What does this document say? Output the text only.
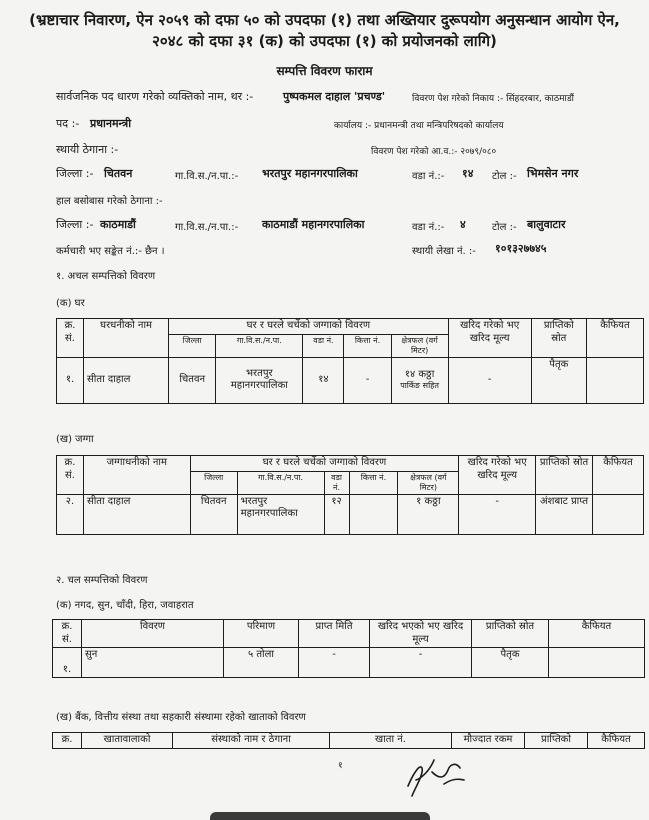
(भ्रष्टाचार निवारण, ऐन २०५९ को दफा ५० को उपदफा (१) तथा अख्तियार दुरूपयोग अनुसन्धान आयोग ऐन,
२०४८ को दफा ३१ (क) को उपदफा (१) को प्रयोजनको लागि)
सम्पत्ति विवरण फाराम
सार्वजनिक पद धारण गरेको व्यक्तिको नाम, थर :-	पुष्पकमल दाहाल 'प्रचण्ड'	विवरण पेश गरेको निकाय :- सिंहदरबार, काठमाडौं
पद :- प्रधानमन्त्री	कार्यालय :- प्रधानमन्त्री तथा मन्त्रिपरिषदको कार्यालय
स्थायी ठेगाना :-	विवरण पेश गरेको आ.व.:- २०७९/०८०
जिल्ला :- चितवन	गा.वि.स./न.पा.:- भरतपुर महानगरपालिका	वडा नं.:- १४ टोल :- भिमसेन नगर
हाल बसोबास गरेको ठेगाना :-
जिल्ला :- काठमाडौं	गा.वि.स./न.पा.:- काठमाडौं महानगरपालिका	वडा नं.:- ४	टोल :- बालुवाटार
कर्मचारी भए सङ्केत नं.:- छैन ।	स्थायी लेखा नं. :- १०१३२७७४५
१. अचल सम्पत्तिको विवरण
(क) घर
क्र. सं.	घरधनीको नाम	घर र घरले चर्चेको जग्गाको विवरण					खरिद गरेको भए खरिद मूल्य	प्राप्तिको स्रोत	कैफियत
		जिल्ला	गा.वि.स./न.पा.	वडा नं.	कित्ता नं.	क्षेत्रफल (वर्ग मिटर)			
१.	सीता दाहाल	चितवन	भरतपुर महानगरपालिका	१४	-	१४ कठ्ठा
पार्किङ सहित	-	पैतृक	
(ख) जग्गा
क्र. सं.	जग्गाधनीको नाम	घर र घरले चर्चेको जग्गाको विवरण					खरिद गरेको भए खरिद मूल्य	प्राप्तिको स्रोत	कैफियत
		जिल्ला	गा.वि.स./न.पा.	वडा नं.	कित्ता नं.	क्षेत्रफल (वर्ग मिटर)			
२.	सीता दाहाल	चितवन	भरतपुर महानगरपालिका	१२		१ कठ्ठा	-	अंशबाट प्राप्त	
२. चल सम्पत्तिको विवरण
(क) नगद, सुन, चाँदी, हिरा, जवाहरात
क्र. सं.	विवरण	परिमाण	प्राप्त मिति	खरिद भएको भए खरिद मूल्य	प्राप्तिको स्रोत	कैफियत
१.	सुन	५ तोला	-	-	पैतृक	
(ख) बैंक, वित्तीय संस्था तथा सहकारी संस्थामा रहेको खाताको विवरण
क्र.	खातावालाको	संस्थाको नाम र ठेगाना	खाता नं.	मौज्दात रकम	प्राप्तिको	कैफियत
१
